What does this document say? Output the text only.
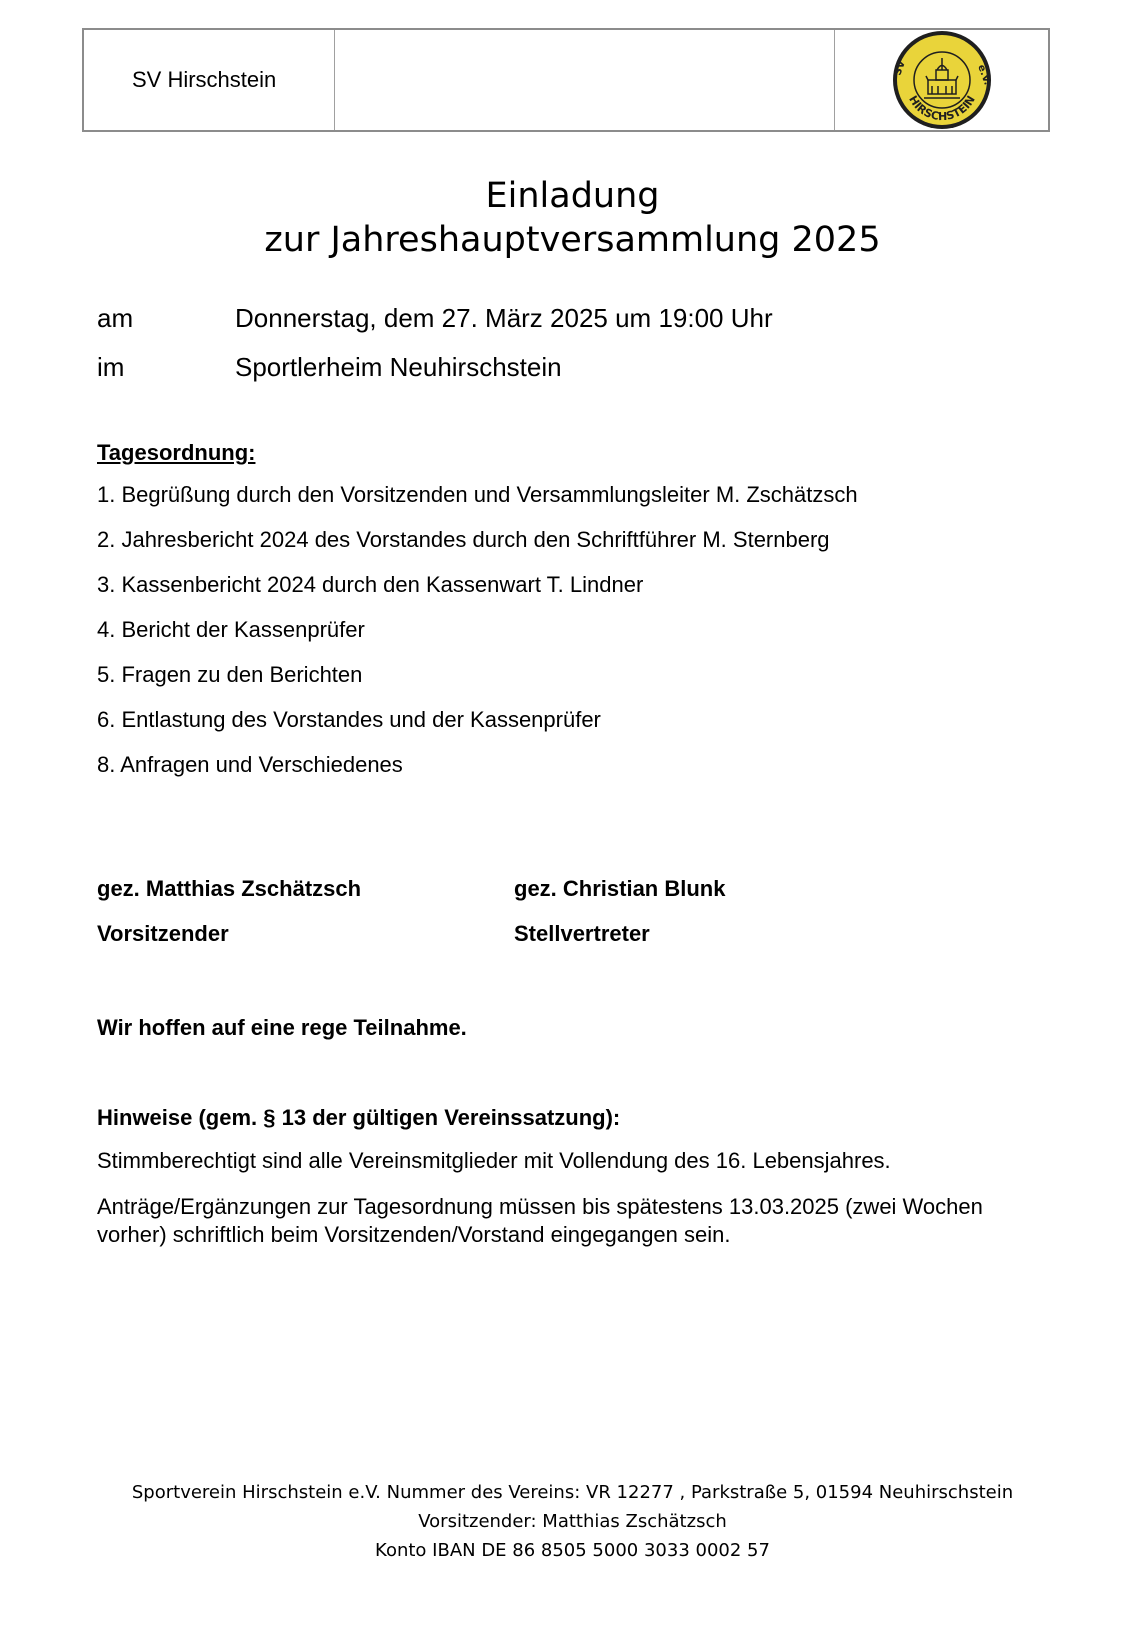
SV Hirschstein
HIRSCHSTEIN
SV	e.V.
Einladung
zur Jahreshauptversammlung 2025
am	Donnerstag, dem 27. März 2025 um 19:00 Uhr
im	Sportlerheim Neuhirschstein
Tagesordnung:
1. Begrüßung durch den Vorsitzenden und Versammlungsleiter M. Zschätzsch
2. Jahresbericht 2024 des Vorstandes durch den Schriftführer M. Sternberg
3. Kassenbericht 2024 durch den Kassenwart T. Lindner
4. Bericht der Kassenprüfer
5. Fragen zu den Berichten
6. Entlastung des Vorstandes und der Kassenprüfer
8. Anfragen und Verschiedenes
gez. Matthias Zschätzsch
Vorsitzender
gez. Christian Blunk
Stellvertreter
Wir hoffen auf eine rege Teilnahme.
Hinweise (gem. § 13 der gültigen Vereinssatzung):
Stimmberechtigt sind alle Vereinsmitglieder mit Vollendung des 16. Lebensjahres.
Anträge/Ergänzungen zur Tagesordnung müssen bis spätestens 13.03.2025 (zwei Wochen vorher) schriftlich beim Vorsitzenden/Vorstand eingegangen sein.
Sportverein Hirschstein e.V. Nummer des Vereins: VR 12277 , Parkstraße 5, 01594 Neuhirschstein
Vorsitzender: Matthias Zschätzsch
Konto IBAN DE 86 8505 5000 3033 0002 57
